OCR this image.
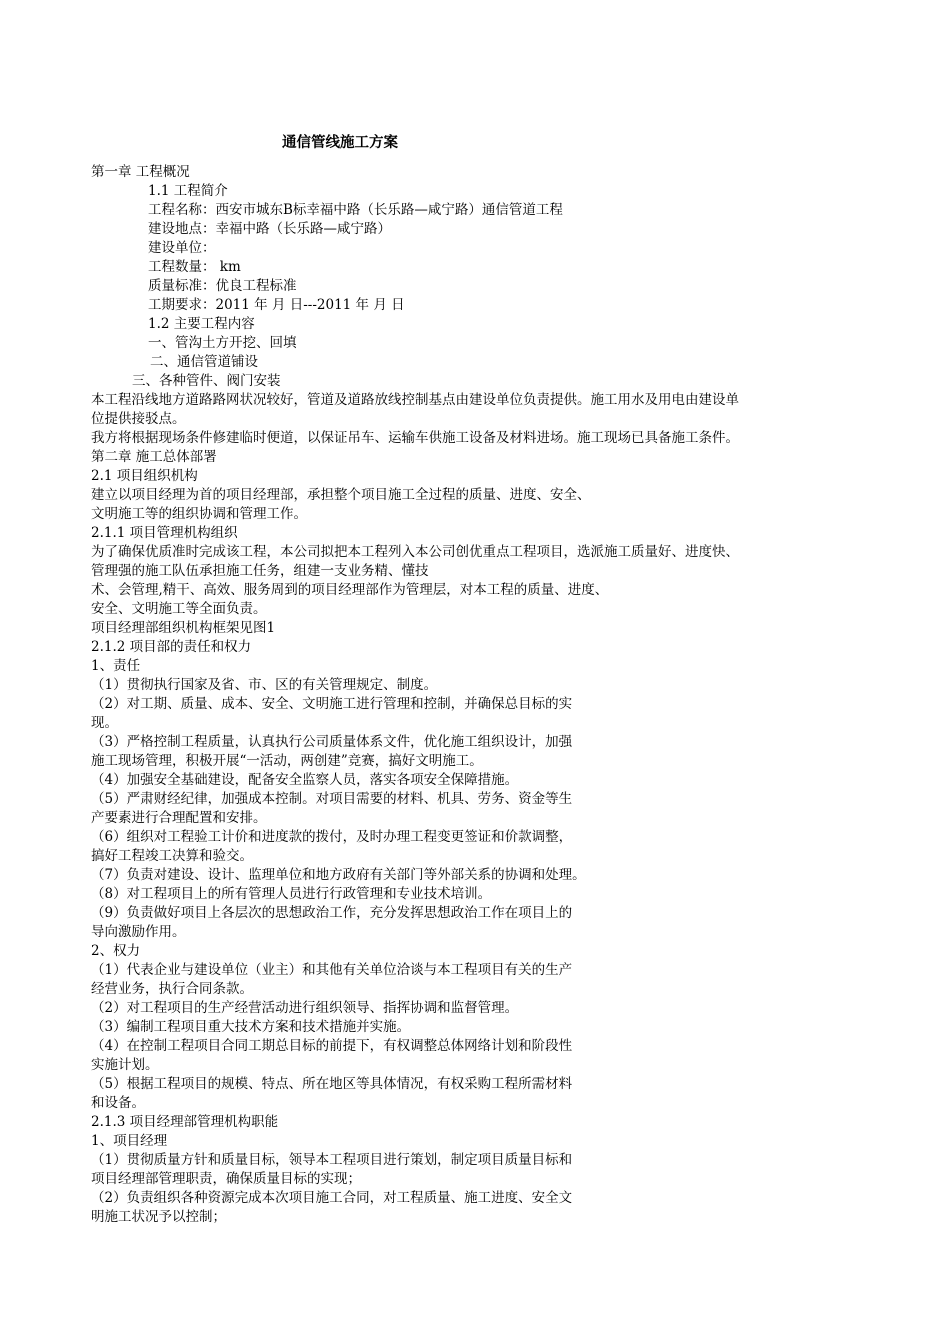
通信管线施工方案
第一章 工程概况
1.1 工程简介
工程名称：西安市城东B标幸福中路（长乐路—咸宁路）通信管道工程
建设地点：幸福中路（长乐路—咸宁路）
建设单位：
工程数量： km
质量标准：优良工程标准
工期要求：2011 年 月 日---2011 年 月 日
1.2 主要工程内容
一、管沟土方开挖、回填
二、通信管道铺设
三、各种管件、阀门安装
本工程沿线地方道路路网状况较好，管道及道路放线控制基点由建设单位负责提供。施工用水及用电由建设单
位提供接驳点。
我方将根据现场条件修建临时便道，以保证吊车、运输车供施工设备及材料进场。施工现场已具备施工条件。
第二章 施工总体部署
2.1 项目组织机构
建立以项目经理为首的项目经理部，承担整个项目施工全过程的质量、进度、安全、
文明施工等的组织协调和管理工作。
2.1.1 项目管理机构组织
为了确保优质准时完成该工程，本公司拟把本工程列入本公司创优重点工程项目，选派施工质量好、进度快、
管理强的施工队伍承担施工任务，组建一支业务精、懂技
术、会管理,精干、高效、服务周到的项目经理部作为管理层，对本工程的质量、进度、
安全、文明施工等全面负责。
项目经理部组织机构框架见图1
2.1.2 项目部的责任和权力
1、责任
（1）贯彻执行国家及省、市、区的有关管理规定、制度。
（2）对工期、质量、成本、安全、文明施工进行管理和控制，并确保总目标的实
现。
（3）严格控制工程质量，认真执行公司质量体系文件，优化施工组织设计，加强
施工现场管理，积极开展“一活动，两创建”竞赛，搞好文明施工。
（4）加强安全基础建设，配备安全监察人员，落实各项安全保障措施。
（5）严肃财经纪律，加强成本控制。对项目需要的材料、机具、劳务、资金等生
产要素进行合理配置和安排。
（6）组织对工程验工计价和进度款的拨付，及时办理工程变更签证和价款调整，
搞好工程竣工决算和验交。
（7）负责对建设、设计、监理单位和地方政府有关部门等外部关系的协调和处理。
（8）对工程项目上的所有管理人员进行行政管理和专业技术培训。
（9）负责做好项目上各层次的思想政治工作，充分发挥思想政治工作在项目上的
导向激励作用。
2、权力
（1）代表企业与建设单位（业主）和其他有关单位洽谈与本工程项目有关的生产
经营业务，执行合同条款。
（2）对工程项目的生产经营活动进行组织领导、指挥协调和监督管理。
（3）编制工程项目重大技术方案和技术措施并实施。
（4）在控制工程项目合同工期总目标的前提下，有权调整总体网络计划和阶段性
实施计划。
（5）根据工程项目的规模、特点、所在地区等具体情况，有权采购工程所需材料
和设备。
2.1.3 项目经理部管理机构职能
1、项目经理
（1）贯彻质量方针和质量目标，领导本工程项目进行策划，制定项目质量目标和
项目经理部管理职责，确保质量目标的实现；
（2）负责组织各种资源完成本次项目施工合同，对工程质量、施工进度、安全文
明施工状况予以控制；
